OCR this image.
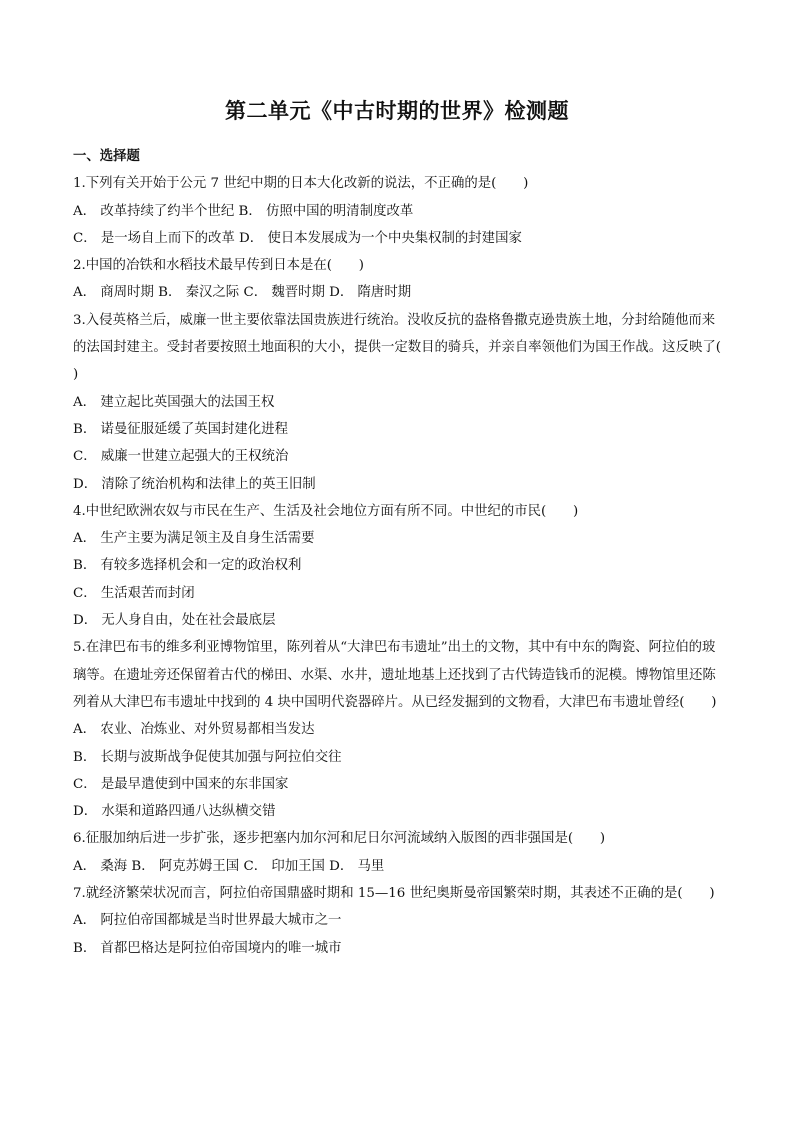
第二单元《中古时期的世界》检测题
一、选择题
1.下列有关开始于公元 7 世纪中期的日本大化改新的说法，不正确的是(　　)
A． 改革持续了约半个世纪 B． 仿照中国的明清制度改革
C． 是一场自上而下的改革 D． 使日本发展成为一个中央集权制的封建国家
2.中国的冶铁和水稻技术最早传到日本是在(　　)
A． 商周时期 B． 秦汉之际 C． 魏晋时期 D． 隋唐时期
3.入侵英格兰后，威廉一世主要依靠法国贵族进行统治。没收反抗的盎格鲁撒克逊贵族土地，分封给随他而来的法国封建主。受封者要按照土地面积的大小，提供一定数目的骑兵，并亲自率领他们为国王作战。这反映了(　　)
A． 建立起比英国强大的法国王权
B． 诺曼征服延缓了英国封建化进程
C． 威廉一世建立起强大的王权统治
D． 清除了统治机构和法律上的英王旧制
4.中世纪欧洲农奴与市民在生产、生活及社会地位方面有所不同。中世纪的市民(　　)
A． 生产主要为满足领主及自身生活需要
B． 有较多选择机会和一定的政治权利
C． 生活艰苦而封闭
D． 无人身自由，处在社会最底层
5.在津巴布韦的维多利亚博物馆里，陈列着从“大津巴布韦遗址”出土的文物，其中有中东的陶瓷、阿拉伯的玻璃等。在遗址旁还保留着古代的梯田、水渠、水井，遗址地基上还找到了古代铸造钱币的泥模。博物馆里还陈列着从大津巴布韦遗址中找到的 4 块中国明代瓷器碎片。从已经发掘到的文物看，大津巴布韦遗址曾经(　　)
A． 农业、冶炼业、对外贸易都相当发达
B． 长期与波斯战争促使其加强与阿拉伯交往
C． 是最早遣使到中国来的东非国家
D． 水渠和道路四通八达纵横交错
6.征服加纳后进一步扩张，逐步把塞内加尔河和尼日尔河流域纳入版图的西非强国是(　　)
A． 桑海 B． 阿克苏姆王国 C． 印加王国 D． 马里
7.就经济繁荣状况而言，阿拉伯帝国鼎盛时期和 15—16 世纪奥斯曼帝国繁荣时期，其表述不正确的是(　　)
A． 阿拉伯帝国都城是当时世界最大城市之一
B． 首都巴格达是阿拉伯帝国境内的唯一城市
